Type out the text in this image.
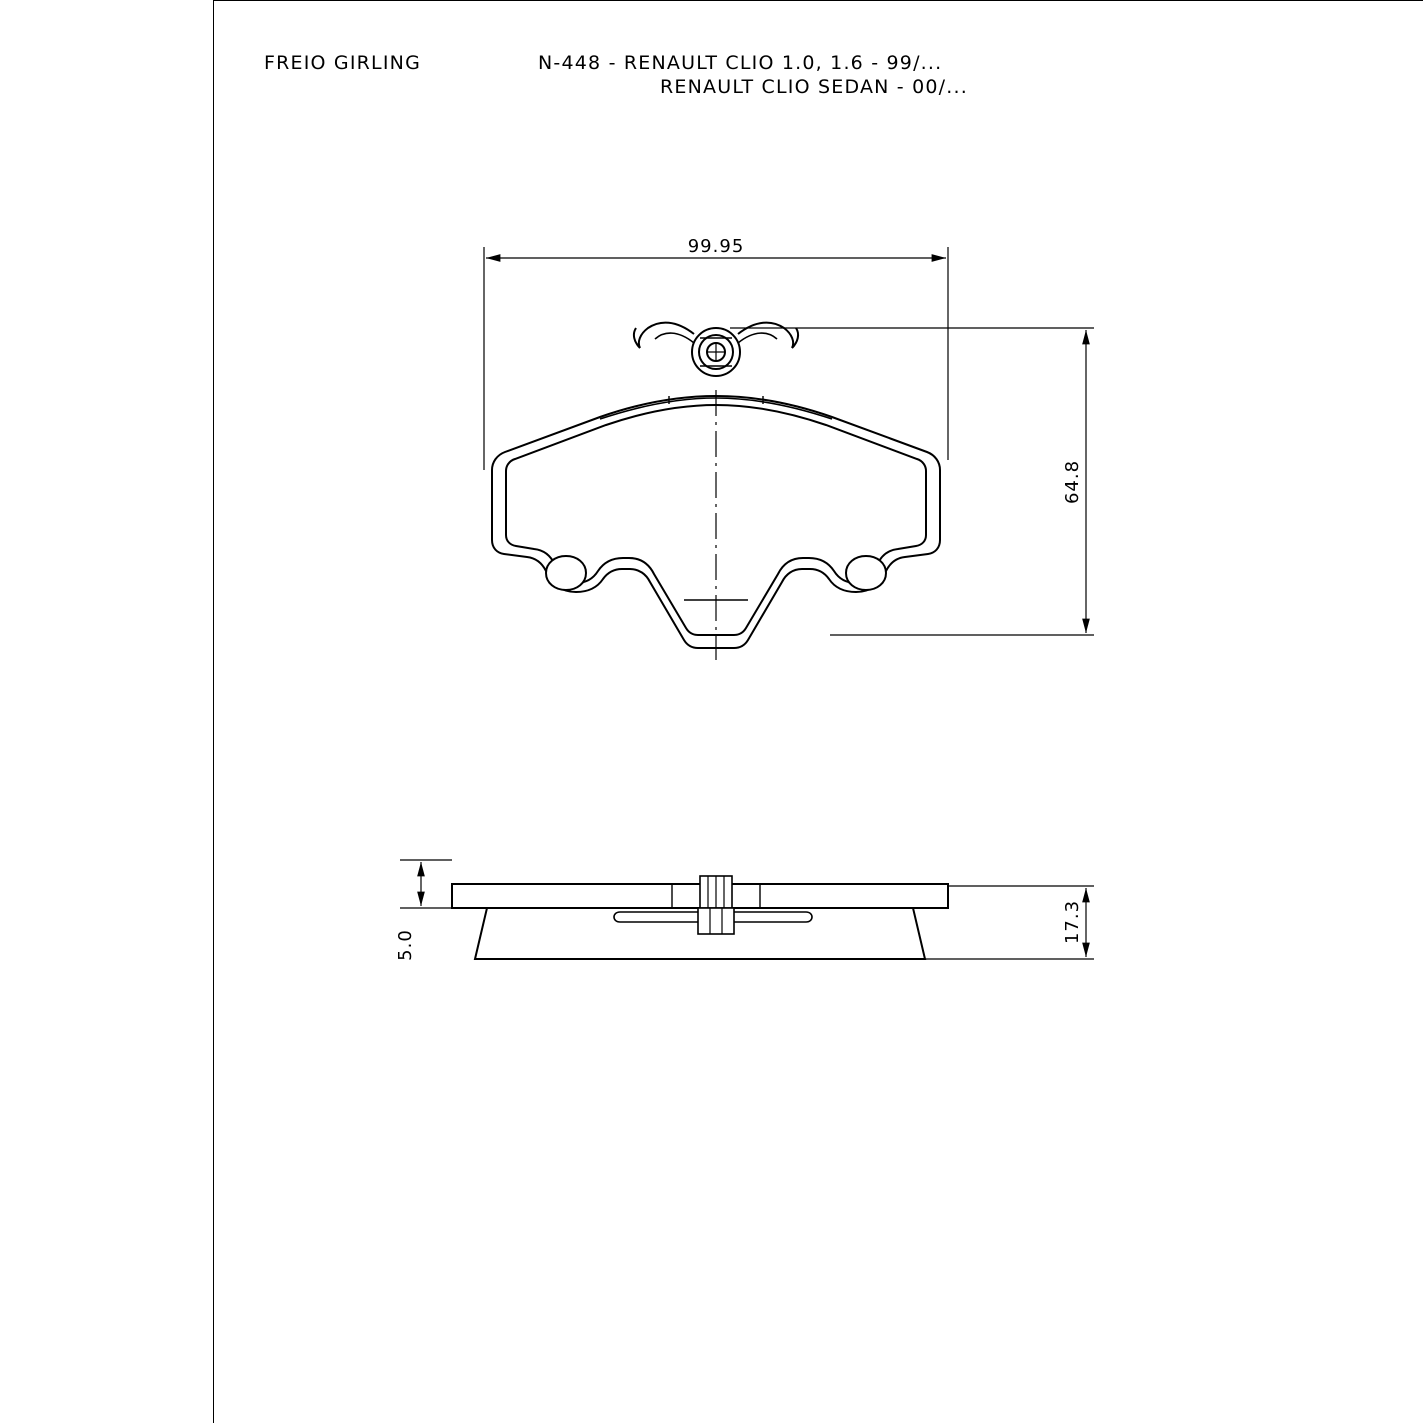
FREIO GIRLING	N-448 - RENAULT CLIO 1.0, 1.6 - 99/...
RENAULT CLIO SEDAN - 00/...
99.95
64.8
5.0
17.3
